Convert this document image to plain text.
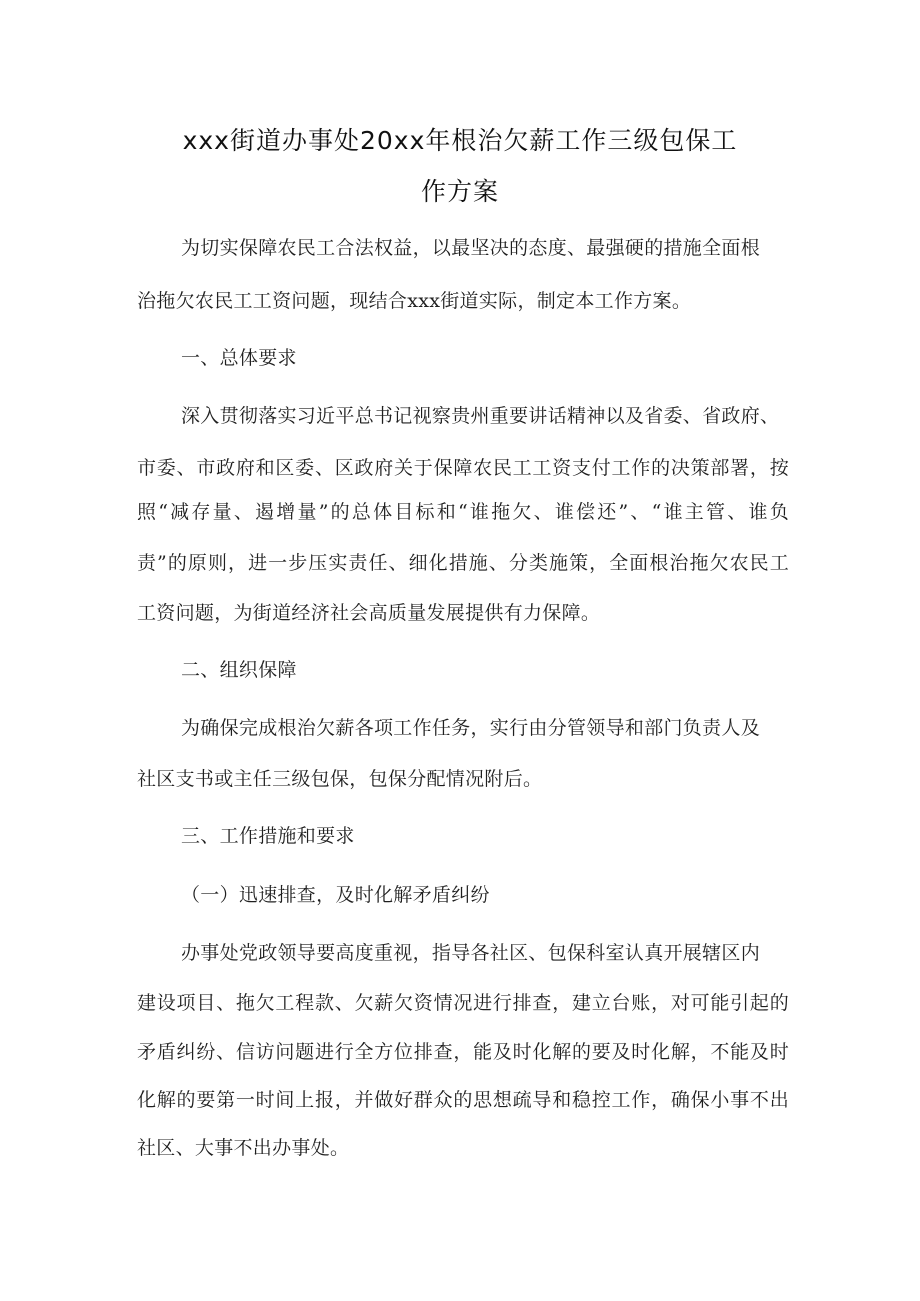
xxx街道办事处20xx年根治欠薪工作三级包保工
作方案
为切实保障农民工合法权益，以最坚决的态度、最强硬的措施全面根
治拖欠农民工工资问题，现结合xxx街道实际，制定本工作方案。
一、总体要求
深入贯彻落实习近平总书记视察贵州重要讲话精神以及省委、省政府、
市委、市政府和区委、区政府关于保障农民工工资支付工作的决策部署，按
照“减存量、遏增量”的总体目标和“谁拖欠、谁偿还”、“谁主管、谁负
责”的原则，进一步压实责任、细化措施、分类施策，全面根治拖欠农民工
工资问题，为街道经济社会高质量发展提供有力保障。
二、组织保障
为确保完成根治欠薪各项工作任务，实行由分管领导和部门负责人及
社区支书或主任三级包保，包保分配情况附后。
三、工作措施和要求
（一）迅速排查，及时化解矛盾纠纷
办事处党政领导要高度重视，指导各社区、包保科室认真开展辖区内
建设项目、拖欠工程款、欠薪欠资情况进行排查，建立台账，对可能引起的
矛盾纠纷、信访问题进行全方位排查，能及时化解的要及时化解，不能及时
化解的要第一时间上报，并做好群众的思想疏导和稳控工作，确保小事不出
社区、大事不出办事处。
